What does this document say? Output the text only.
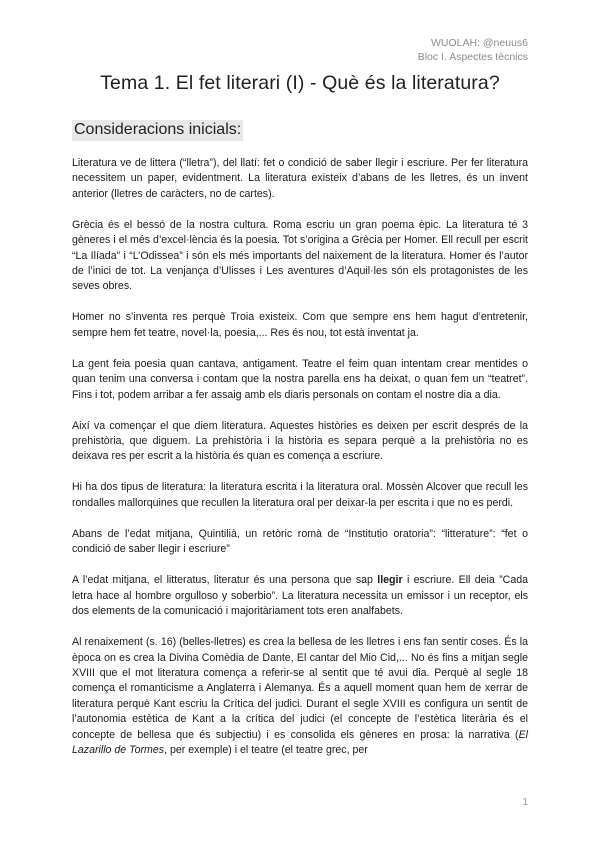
WUOLAH: @neuus6
Bloc I. Aspectes tècnics
Tema 1. El fet literari (I) - Què és la literatura?
Consideracions inicials:

Literatura ve de littera (“lletra”), del llatí: fet o condició de saber llegir i escriure. Per fer literatura necessitem un paper, evidentment. La literatura existeix d’abans de les lletres, és un invent anterior (lletres de caràcters, no de cartes).

Grècia és el bessó de la nostra cultura. Roma escriu un gran poema èpic. La literatura té 3 gèneres i el més d’excel·lència és la poesia. Tot s’origina a Grècia per Homer. Ell recull per escrit “La Ilíada” i “L’Odissea” i són els més importants del naixement de la literatura. Homer és l’autor de l’inici de tot. La venjança d’Ulisses i Les aventures d’Aquil·les són els protagonistes de les seves obres.

Homer no s’inventa res perquè Troia existeix. Com que sempre ens hem hagut d’entretenir, sempre hem fet teatre, novel·la, poesia,... Res és nou, tot està inventat ja.

La gent feia poesia quan cantava, antigament. Teatre el feim quan intentam crear mentides o quan tenim una conversa i contam que la nostra parella ens ha deixat, o quan fem un “teatret”. Fins i tot, podem arribar a fer assaig amb els diaris personals on contam el nostre dia a dia.

Així va començar el que diem literatura. Aquestes històries es deixen per escrit després de la prehistòria, que diguem. La prehistòria i la història es separa perquè a la prehistòria no es deixava res per escrit a la història és quan es comença a escriure.

Hi ha dos tipus de literatura: la literatura escrita i la literatura oral. Mossèn Alcover que recull les rondalles mallorquines que recullen la literatura oral per deixar-la per escrita i que no es perdi.

Abans de l’edat mitjana, Quintilià, un retòric romà de “Institutio oratoria”: “litterature”: “fet o condició de saber llegir i escriure”

A l’edat mitjana, el litteratus, literatur és una persona que sap llegir i escriure. Ell deia ”Cada letra hace al hombre orgulloso y soberbio”. La literatura necessita un emissor i un receptor, els dos elements de la comunicació i majoritàriament tots eren analfabets.

Al renaixement (s. 16) (belles-lletres) es crea la bellesa de les lletres i ens fan sentir coses. És la època on es crea la Divina Comèdia de Dante, El cantar del Mio Cid,... No és fins a mitjan segle XVIII que el mot literatura comença a referir-se al sentit que té avui dia. Perquè al segle 18 comença el romanticisme a Anglaterra i Alemanya. És a aquell moment quan hem de xerrar de literatura perquè Kant escriu la Crítica del judici. Durant el segle XVIII es configura un sentit de l’autonomia estètica de Kant a la crítica del judici (el concepte de l’estètica literària és el concepte de bellesa que és subjectiu) i es consolida els gèneres en prosa: la narrativa (El Lazarillo de Tormes, per exemple) i el teatre (el teatre grec, per

1
